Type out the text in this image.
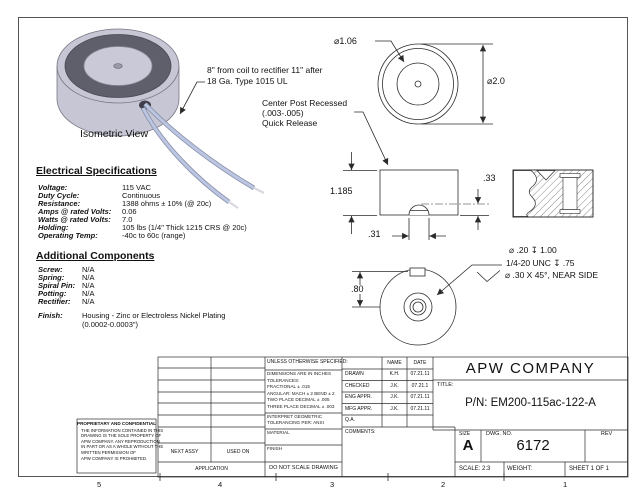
Isometric View
8" from coil to rectifier 11" after
18 Ga. Type 1015 UL
Center Post Recessed
(.003-.005)
Quick Release
⌀1.06
⌀2.0
1.185
.33
.31
.80
⌀ .20 ↧ 1.00
1/4-20 UNC ↧ .75
⌀ .30 X 45°, NEAR SIDE
Electrical Specifications
Voltage:	115 VAC
Duty Cycle:	Continuous
Resistance:	1388 ohms ± 10% (@ 20c)
Amps @ rated Volts: 0.06
Watts @ rated Volts: 7.0
Holding:	105 lbs (1/4" Thick 1215 CRS @ 20c)
Operating Temp:	-40c to 60c (range)
Additional Components
Screw:	N/A
Spring: N/A
Spiral Pin: N/A
Potting: N/A
Rectifier: N/A
Finish:	Housing - Zinc or Electroless Nickel Plating
(0.0002-0.0003")
UNLESS OTHERWISE SPECIFIED:
DIMENSIONS ARE IN INCHES
TOLERANCES:
FRACTIONAL ± .015
ANGULAR: MACH ± 2 BEND ± 2
TWO PLACE DECIMAL ± .005
THREE PLACE DECIMAL ± .003
INTERPRET GEOMETRIC
TOLERANCING PER: ANSI
MATERIAL
FINISH
DO NOT SCALE DRAWING
NEXT ASSY	USED ON
APPLICATION
NAME	DATE
DRAWN	K.H.	07.21.11
CHECKED	J.K.	07.21.1
ENG APPR.	J.K.	07.21.11
MFG APPR.	J.K.	07.21.11
Q.A.
COMMENTS:
APW COMPANY
TITLE:
P/N: EM200-115ac-122-A
SIZE
A
DWG. NO.
6172
REV
SCALE: 2:3	WEIGHT:	SHEET 1 OF 1
PROPRIETARY AND CONFIDENTIAL
THE INFORMATION CONTAINED IN THIS
DRAWING IS THE SOLE PROPERTY OF
APW COMPANY. ANY REPRODUCTION
IN PART OR AS A WHOLE WITHOUT THE
WRITTEN PERMISSION OF
APW COMPANY IS PROHIBITED.
5	4	3	2	1
